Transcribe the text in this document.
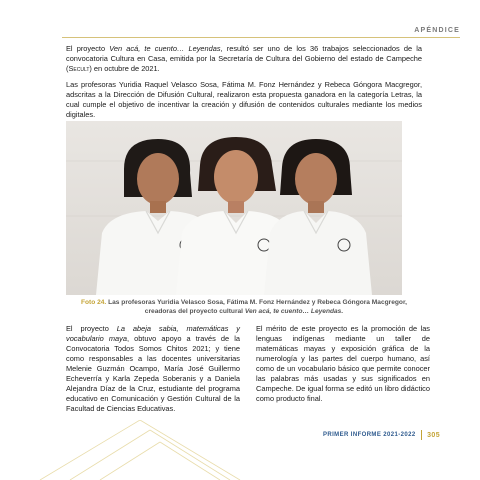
APÉNDICE

El proyecto Ven acá, te cuento… Leyendas, resultó ser uno de los 36 trabajos seleccionados de la convocatoria Cultura en Casa, emitida por la Secretaría de Cultura del Gobierno del estado de Campeche (Secult) en octubre de 2021.

Las profesoras Yuridia Raquel Velasco Sosa, Fátima M. Fonz Hernández y Rebeca Góngora Macgregor, adscritas a la Dirección de Difusión Cultural, realizaron esta propuesta ganadora en la categoría Letras, la cual cumple el objetivo de incentivar la creación y difusión de contenidos culturales mediante los medios digitales.

Foto 24. Las profesoras Yuridia Velasco Sosa, Fátima M. Fonz Hernández y Rebeca Góngora Macgregor, creadoras del proyecto cultural Ven acá, te cuento… Leyendas.

El proyecto La abeja sabia, matemáticas y vocabulario maya, obtuvo apoyo a través de la Convocatoria Todos Somos Chitos 2021; y tiene como responsables a las docentes universitarias Melenie Guzmán Ocampo, María José Guillermo Echeverría y Karla Zepeda Soberanis y a Daniela Alejandra Díaz de la Cruz, estudiante del programa educativo en Comunicación y Gestión Cultural de la Facultad de Ciencias Educativas.

El mérito de este proyecto es la promoción de las lenguas indígenas mediante un taller de matemáticas mayas y exposición gráfica de la numerología y las partes del cuerpo humano, así como de un vocabulario básico que permite conocer las palabras más usadas y sus significados en Campeche. De igual forma se editó un libro didáctico como producto final.

PRIMER INFORME 2021-2022 305
